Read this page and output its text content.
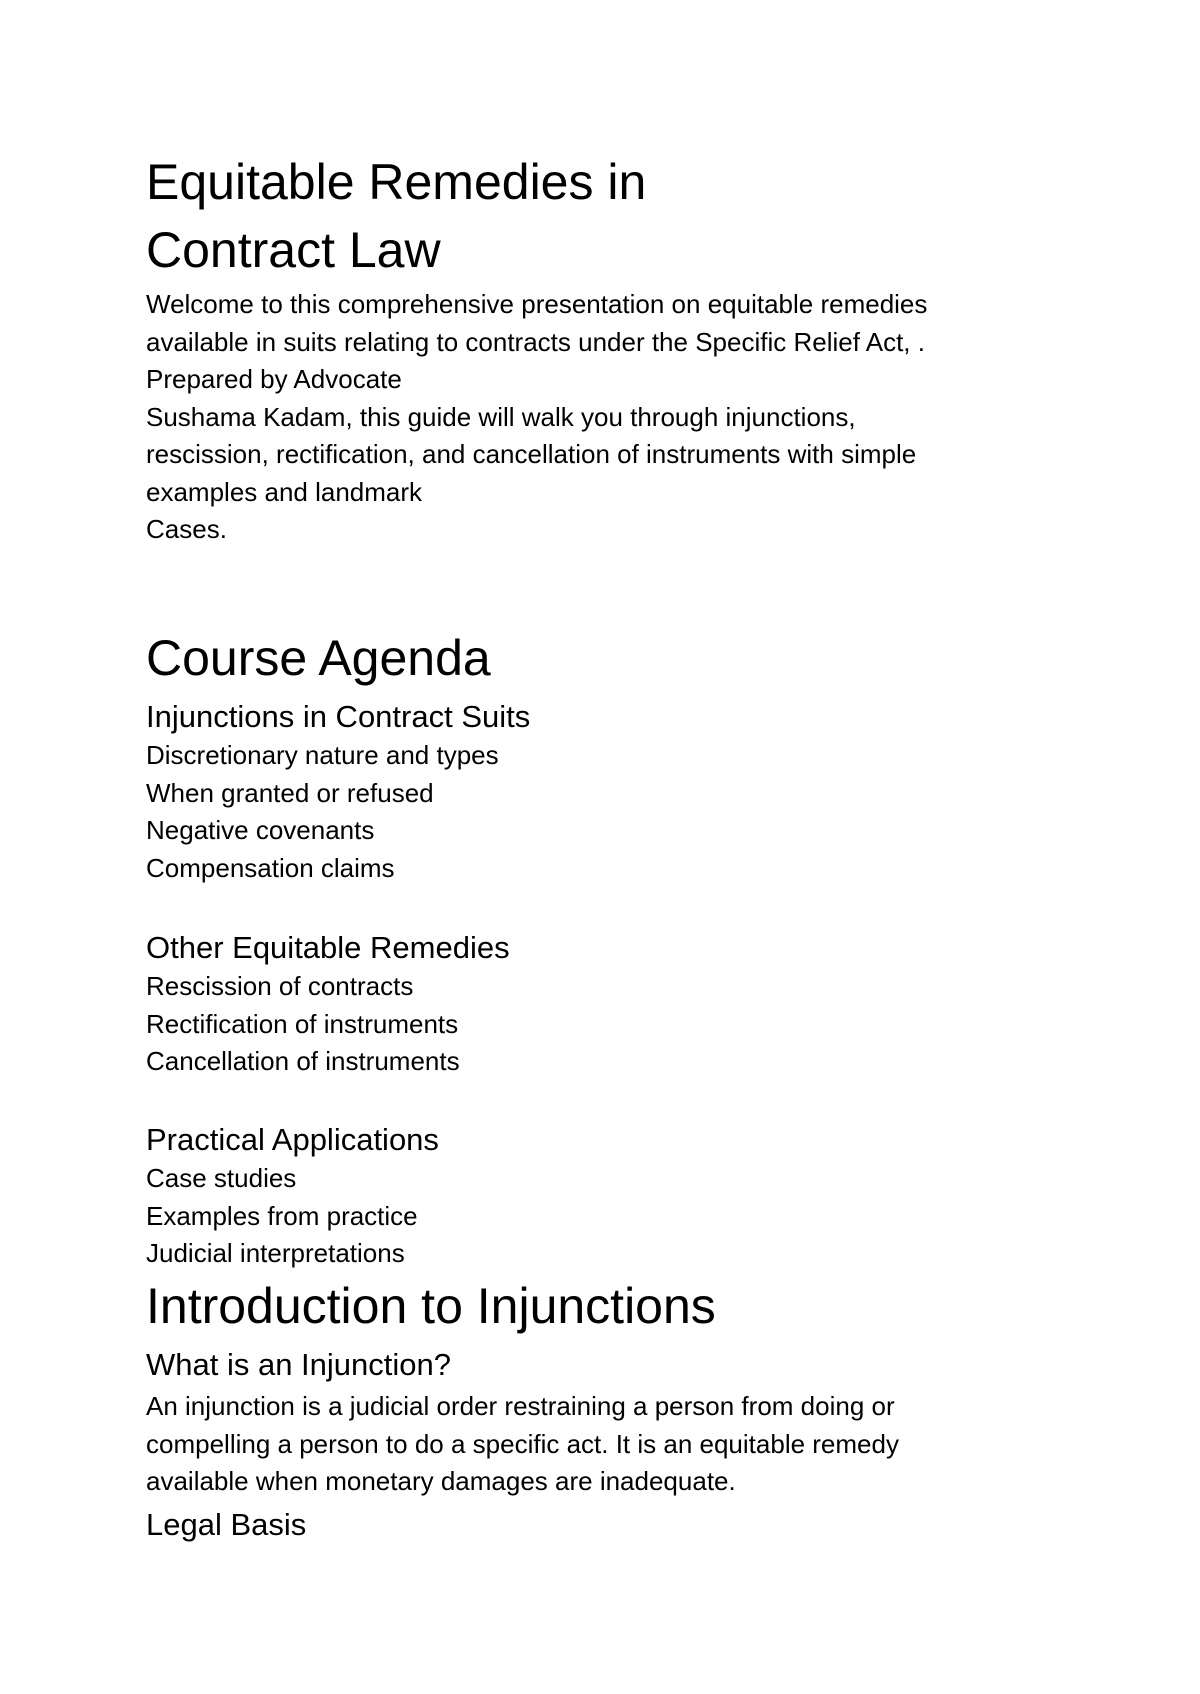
Equitable Remedies in
Contract Law
Welcome to this comprehensive presentation on equitable remedies
available in suits relating to contracts under the Specific Relief Act, .
Prepared by Advocate
Sushama Kadam, this guide will walk you through injunctions,
rescission, rectification, and cancellation of instruments with simple
examples and landmark
Cases.
Course Agenda
Injunctions in Contract Suits
Discretionary nature and types
When granted or refused
Negative covenants
Compensation claims
Other Equitable Remedies
Rescission of contracts
Rectification of instruments
Cancellation of instruments
Practical Applications
Case studies
Examples from practice
Judicial interpretations
Introduction to Injunctions
What is an Injunction?
An injunction is a judicial order restraining a person from doing or
compelling a person to do a specific act. It is an equitable remedy
available when monetary damages are inadequate.
Legal Basis
